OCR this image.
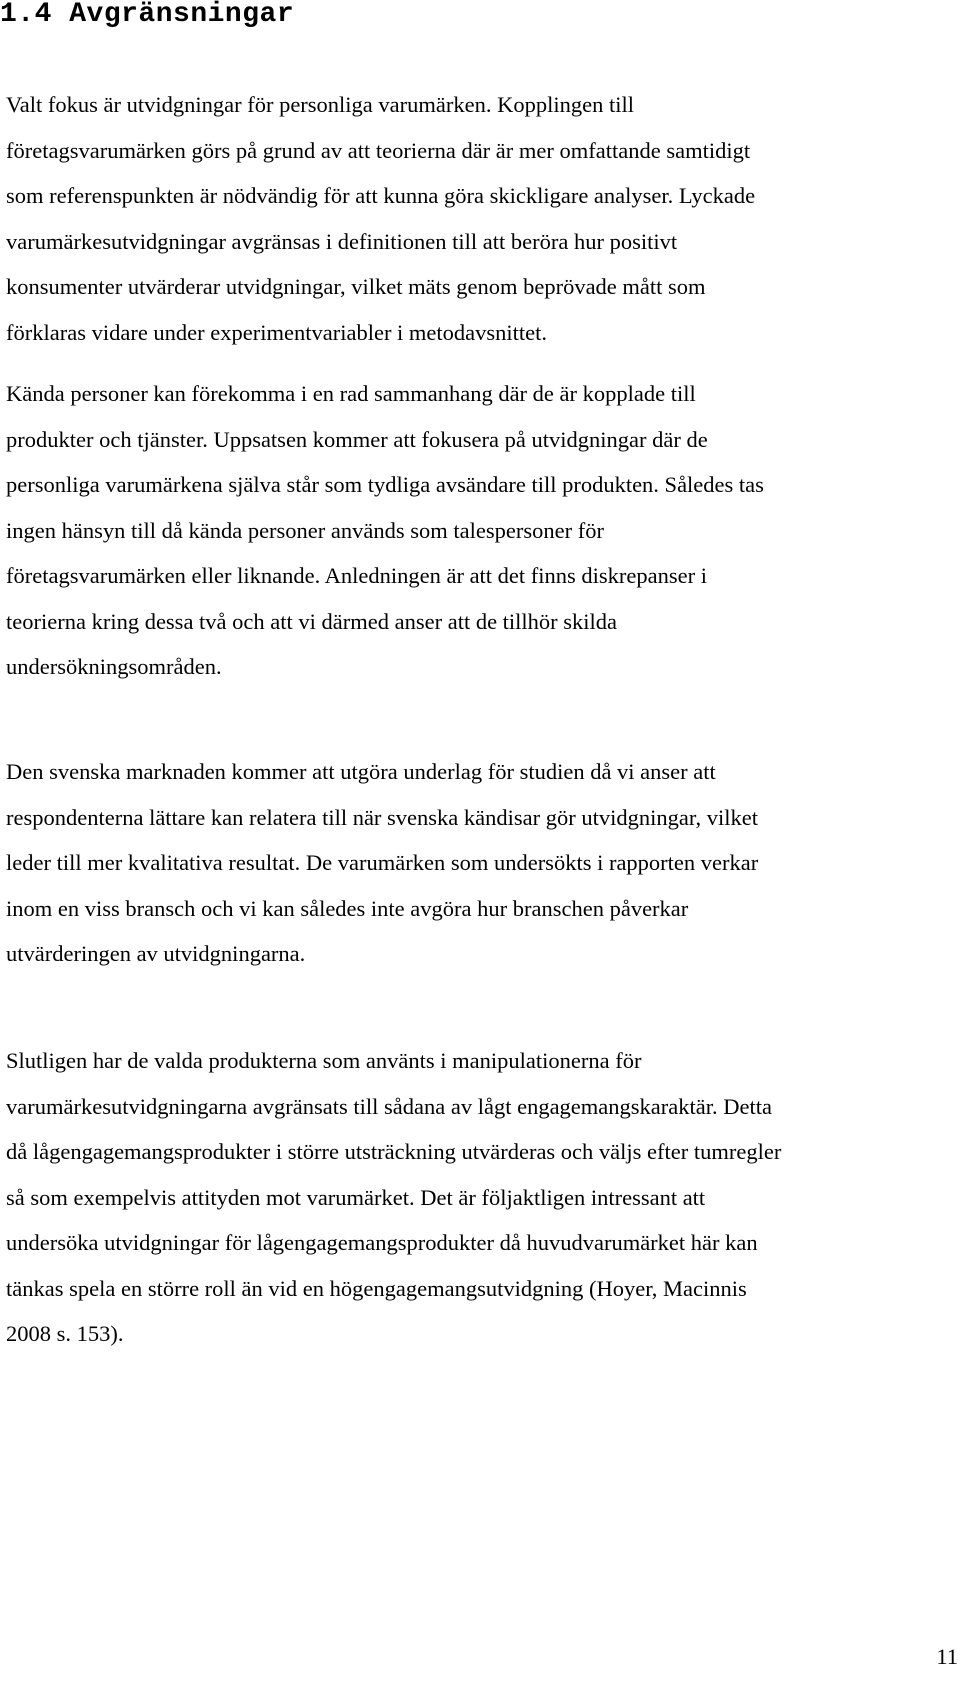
1.4 Avgränsningar

Valt fokus är utvidgningar för personliga varumärken. Kopplingen till
företagsvarumärken görs på grund av att teorierna där är mer omfattande samtidigt
som referenspunkten är nödvändig för att kunna göra skickligare analyser. Lyckade
varumärkesutvidgningar avgränsas i definitionen till att beröra hur positivt
konsumenter utvärderar utvidgningar, vilket mäts genom beprövade mått som
förklaras vidare under experimentvariabler i metodavsnittet.

Kända personer kan förekomma i en rad sammanhang där de är kopplade till
produkter och tjänster. Uppsatsen kommer att fokusera på utvidgningar där de
personliga varumärkena själva står som tydliga avsändare till produkten. Således tas
ingen hänsyn till då kända personer används som talespersoner för
företagsvarumärken eller liknande. Anledningen är att det finns diskrepanser i
teorierna kring dessa två och att vi därmed anser att de tillhör skilda
undersökningsområden.

Den svenska marknaden kommer att utgöra underlag för studien då vi anser att
respondenterna lättare kan relatera till när svenska kändisar gör utvidgningar, vilket
leder till mer kvalitativa resultat. De varumärken som undersökts i rapporten verkar
inom en viss bransch och vi kan således inte avgöra hur branschen påverkar
utvärderingen av utvidgningarna.

Slutligen har de valda produkterna som använts i manipulationerna för
varumärkesutvidgningarna avgränsats till sådana av lågt engagemangskaraktär. Detta
då lågengagemangsprodukter i större utsträckning utvärderas och väljs efter tumregler
så som exempelvis attityden mot varumärket. Det är följaktligen intressant att
undersöka utvidgningar för lågengagemangsprodukter då huvudvarumärket här kan
tänkas spela en större roll än vid en högengagemangsutvidgning (Hoyer, Macinnis
2008 s. 153).

11
